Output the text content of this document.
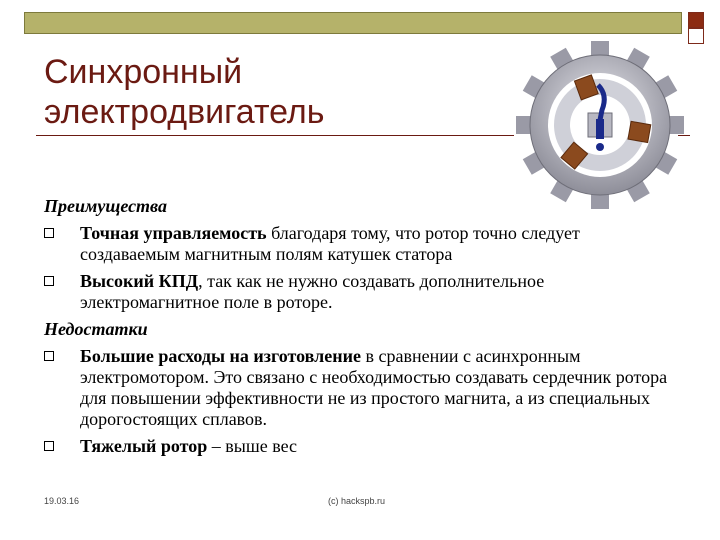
Синхронный
электродвигатель
Преимущества
Точная управляемость благодаря тому, что ротор точно следует создаваемым магнитным полям катушек статора
Высокий КПД, так как не нужно создавать дополнительное электромагнитное поле в роторе.
Недостатки
Большие расходы на изготовление в сравнении с асинхронным электромотором. Это связано с необходимостью создавать сердечник ротора для повышении эффективности не из простого магнита, а из специальных дорогостоящих сплавов.
Тяжелый ротор – выше вес
19.03.16	(c) hackspb.ru
